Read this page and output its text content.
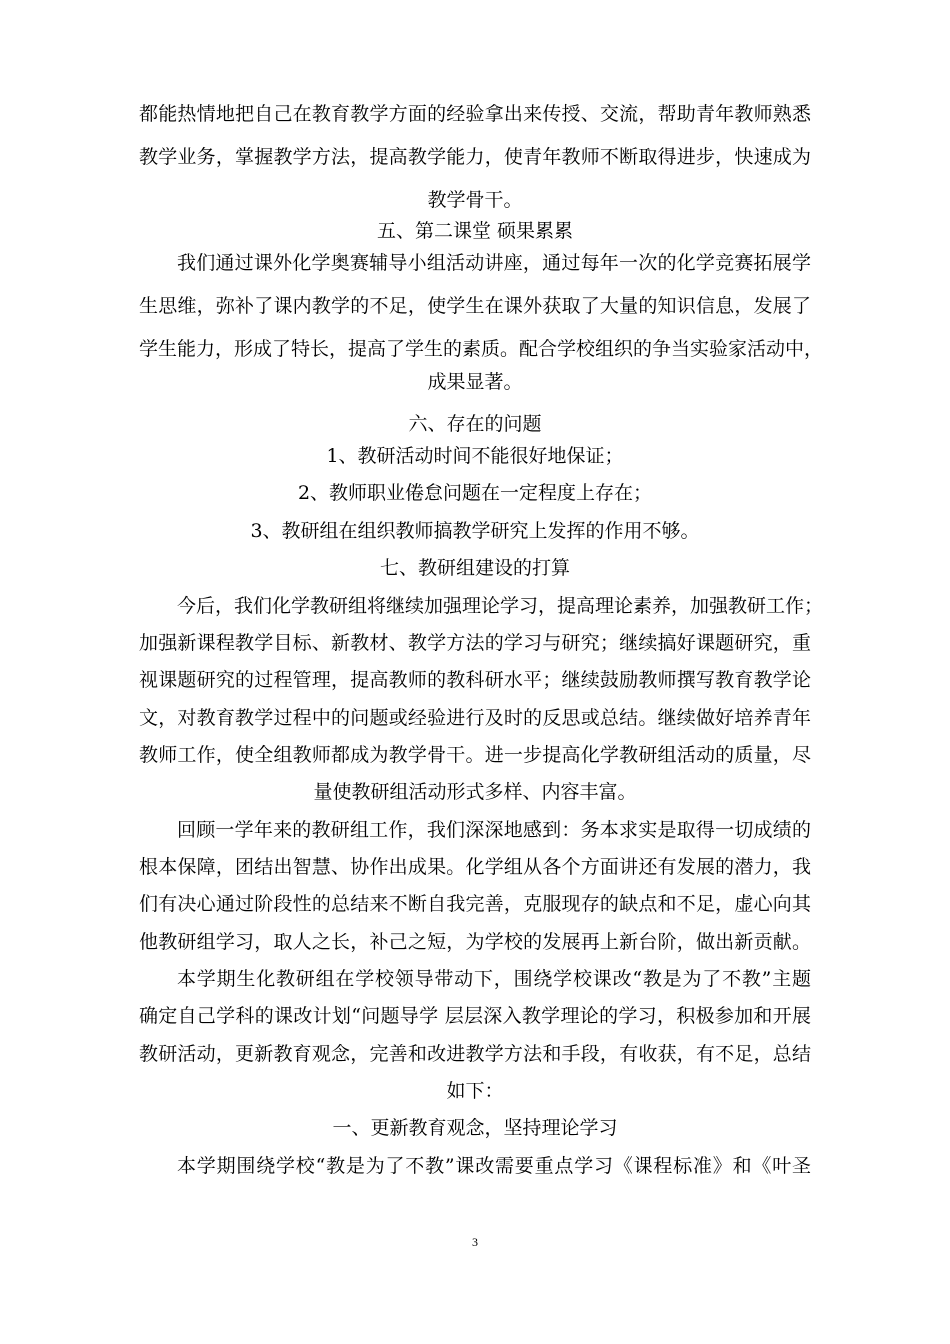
都能热情地把自己在教育教学方面的经验拿出来传授、交流，帮助青年教师熟悉
教学业务，掌握教学方法，提高教学能力，使青年教师不断取得进步，快速成为
教学骨干。
五、第二课堂 硕果累累
我们通过课外化学奥赛辅导小组活动讲座，通过每年一次的化学竞赛拓展学
生思维，弥补了课内教学的不足，使学生在课外获取了大量的知识信息，发展了
学生能力，形成了特长，提高了学生的素质。配合学校组织的争当实验家活动中，
成果显著。
六、存在的问题
1、教研活动时间不能很好地保证；
2、教师职业倦怠问题在一定程度上存在；
3、教研组在组织教师搞教学研究上发挥的作用不够。
七、教研组建设的打算
今后，我们化学教研组将继续加强理论学习，提高理论素养，加强教研工作；
加强新课程教学目标、新教材、教学方法的学习与研究；继续搞好课题研究，重
视课题研究的过程管理，提高教师的教科研水平；继续鼓励教师撰写教育教学论
文，对教育教学过程中的问题或经验进行及时的反思或总结。继续做好培养青年
教师工作，使全组教师都成为教学骨干。进一步提高化学教研组活动的质量，尽
量使教研组活动形式多样、内容丰富。
回顾一学年来的教研组工作，我们深深地感到：务本求实是取得一切成绩的
根本保障，团结出智慧、协作出成果。化学组从各个方面讲还有发展的潜力，我
们有决心通过阶段性的总结来不断自我完善，克服现存的缺点和不足，虚心向其
他教研组学习，取人之长，补己之短，为学校的发展再上新台阶，做出新贡献。
本学期生化教研组在学校领导带动下，围绕学校课改“教是为了不教”主题
确定自己学科的课改计划“问题导学 层层深入教学理论的学习，积极参加和开展
教研活动，更新教育观念，完善和改进教学方法和手段，有收获，有不足，总结
如下：
一、更新教育观念，坚持理论学习
本学期围绕学校“教是为了不教”课改需要重点学习《课程标准》和《叶圣
3
